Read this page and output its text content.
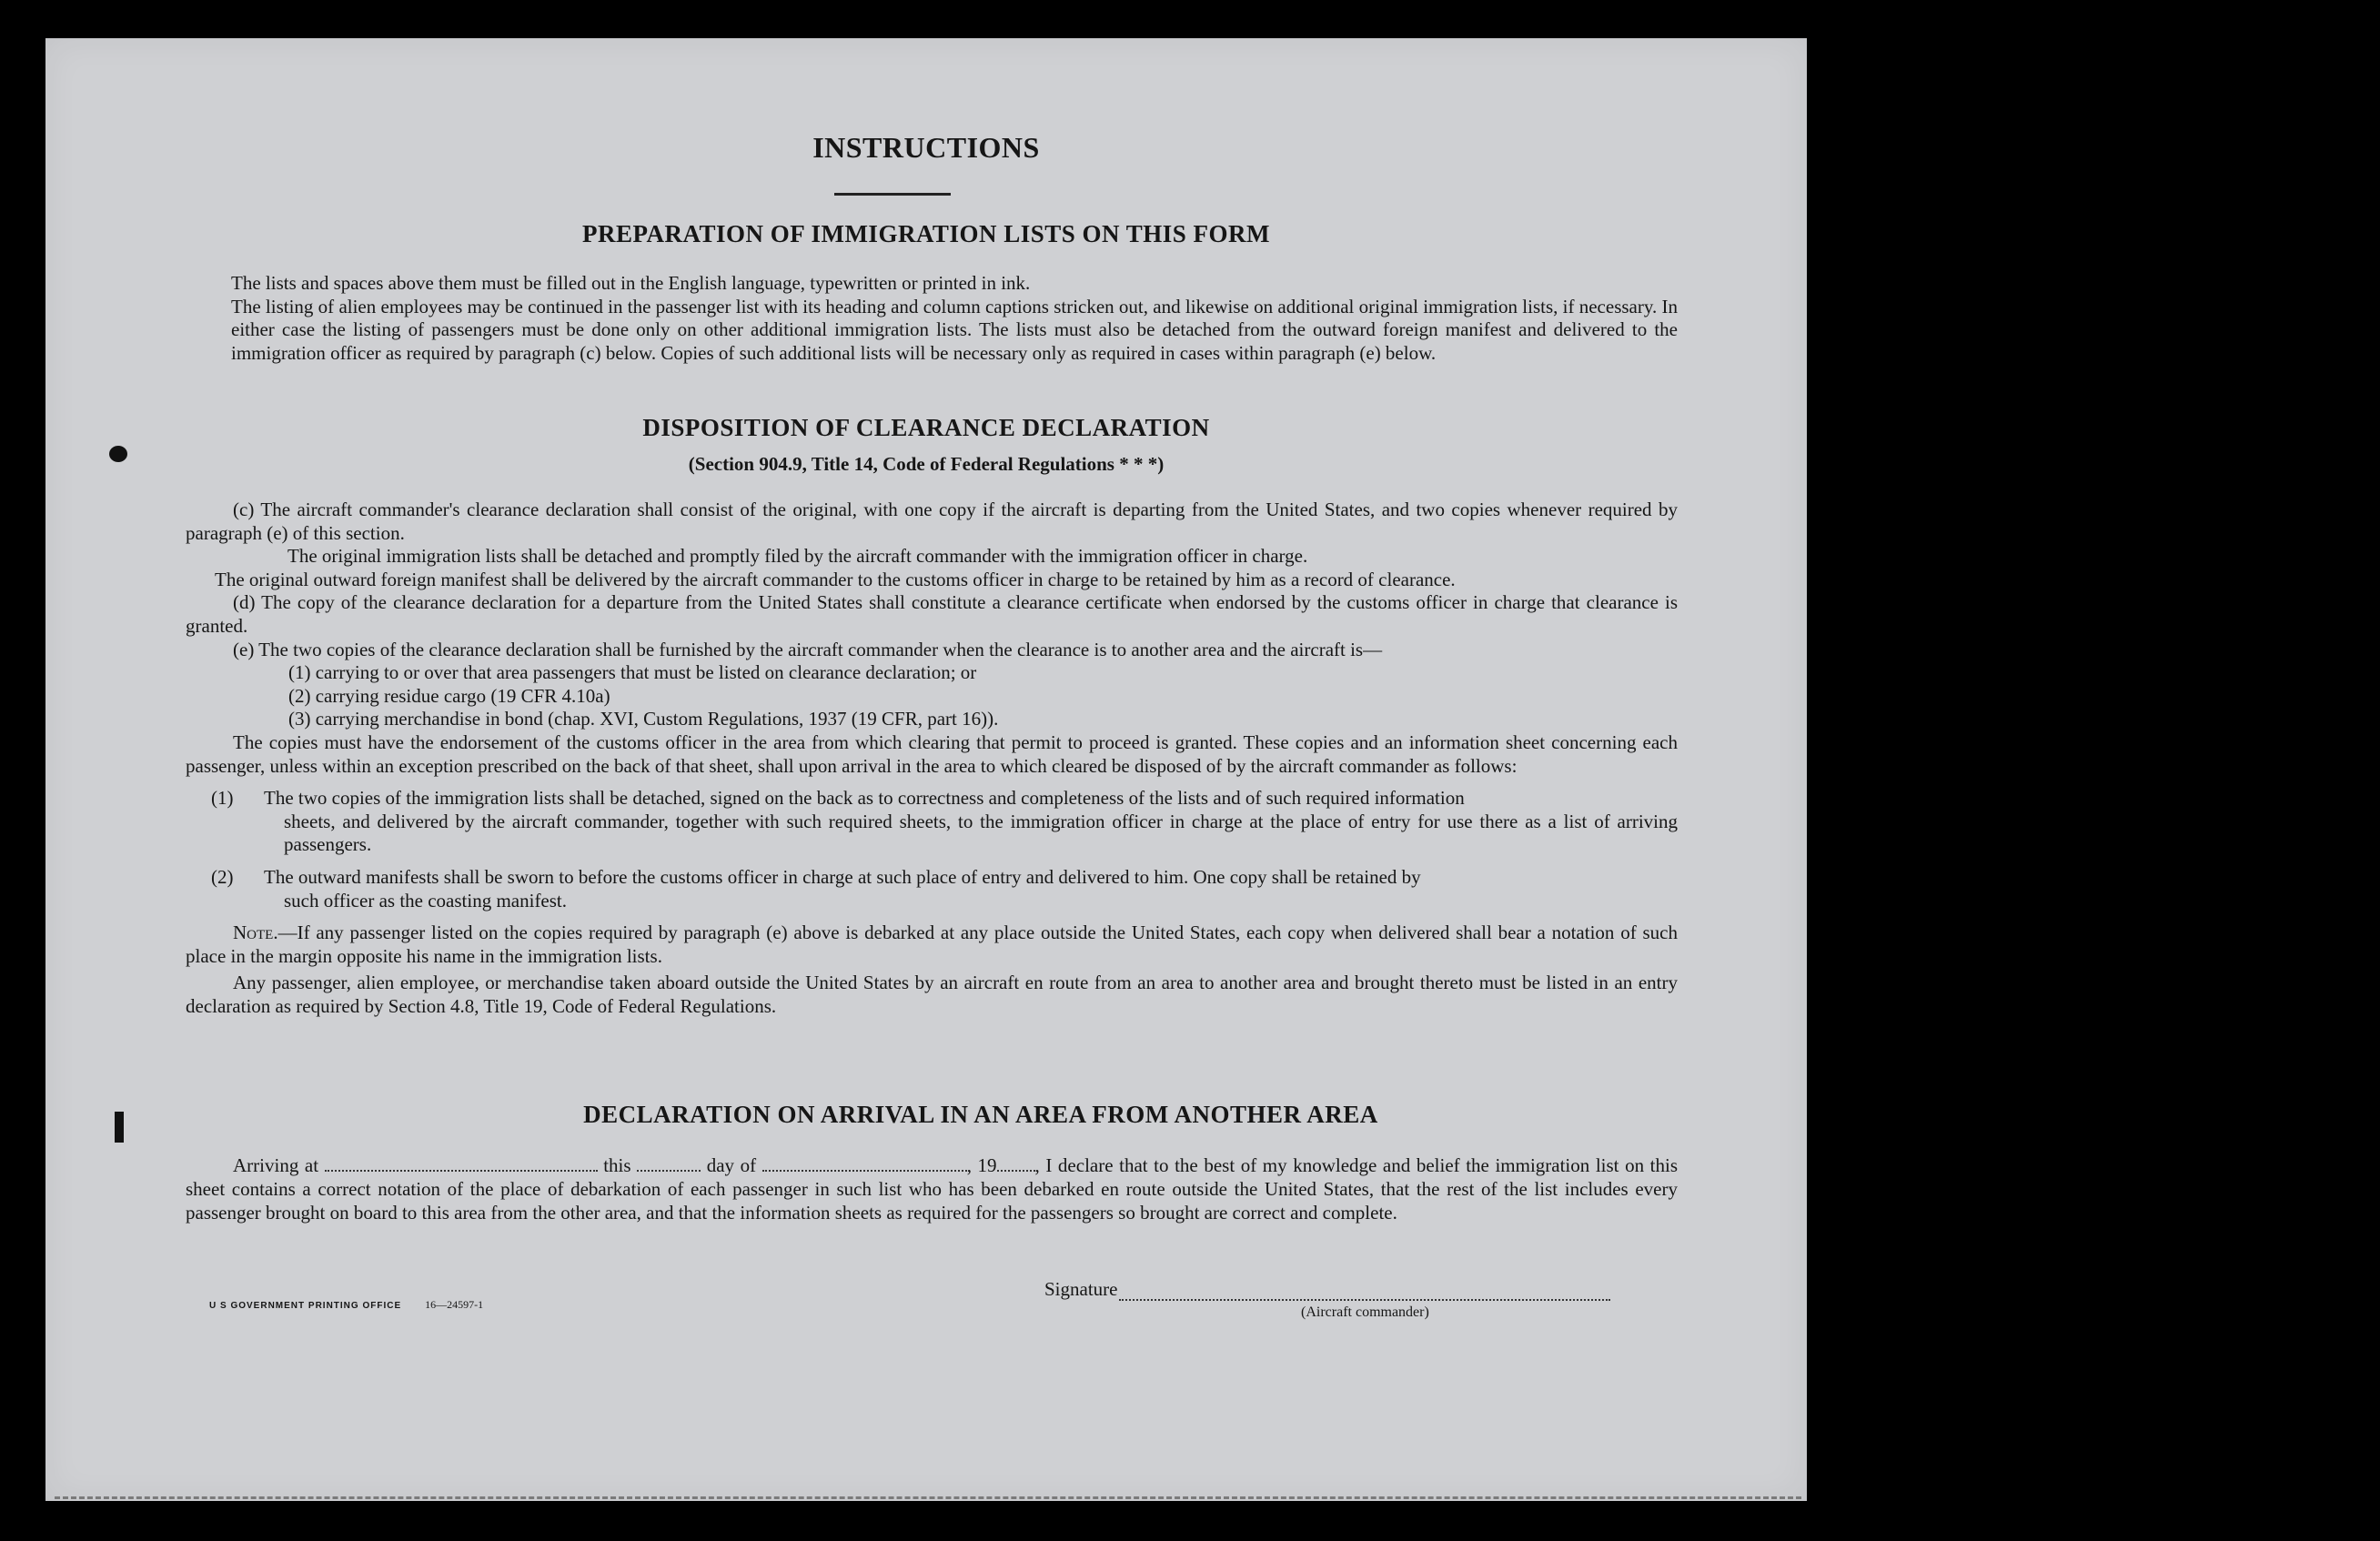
INSTRUCTIONS
PREPARATION OF IMMIGRATION LISTS ON THIS FORM

The lists and spaces above them must be filled out in the English language, typewritten or printed in ink.

The listing of alien employees may be continued in the passenger list with its heading and column captions stricken out, and likewise on additional original immigration lists, if necessary. In either case the listing of passengers must be done only on other additional immigration lists. The lists must also be detached from the outward foreign manifest and delivered to the immigration officer as required by paragraph (c) below. Copies of such additional lists will be necessary only as required in cases within paragraph (e) below.

DISPOSITION OF CLEARANCE DECLARATION
(Section 904.9, Title 14, Code of Federal Regulations * * *)

(c) The aircraft commander's clearance declaration shall consist of the original, with one copy if the aircraft is departing from the United States, and two copies whenever required by paragraph (e) of this section.

The original immigration lists shall be detached and promptly filed by the aircraft commander with the immigration officer in charge.

The original outward foreign manifest shall be delivered by the aircraft commander to the customs officer in charge to be retained by him as a record of clearance.

(d) The copy of the clearance declaration for a departure from the United States shall constitute a clearance certificate when endorsed by the customs officer in charge that clearance is granted.

(e) The two copies of the clearance declaration shall be furnished by the aircraft commander when the clearance is to another area and the aircraft is—

(1) carrying to or over that area passengers that must be listed on clearance declaration; or

(2) carrying residue cargo (19 CFR 4.10a)

(3) carrying merchandise in bond (chap. XVI, Custom Regulations, 1937 (19 CFR, part 16)).

The copies must have the endorsement of the customs officer in the area from which clearing that permit to proceed is granted. These copies and an information sheet concerning each passenger, unless within an exception prescribed on the back of that sheet, shall upon arrival in the area to which cleared be disposed of by the aircraft commander as follows:

(1)	The two copies of the immigration lists shall be detached, signed on the back as to correctness and completeness of the lists and of such required information
sheets, and delivered by the aircraft commander, together with such required sheets, to the immigration officer in charge at the place of entry for use there as a list of arriving passengers.
(2)	The outward manifests shall be sworn to before the customs officer in charge at such place of entry and delivered to him. One copy shall be retained by
such officer as the coasting manifest.

Note.—If any passenger listed on the copies required by paragraph (e) above is debarked at any place outside the United States, each copy when delivered shall bear a notation of such place in the margin opposite his name in the immigration lists.

Any passenger, alien employee, or merchandise taken aboard outside the United States by an aircraft en route from an area to another area and brought thereto must be listed in an entry declaration as required by Section 4.8, Title 19, Code of Federal Regulations.

DECLARATION ON ARRIVAL IN AN AREA FROM ANOTHER AREA

Arriving at	this	day of	, 19 , I declare that to the best of my knowledge and belief the immigration list on this sheet contains a correct notation of the place of debarkation of each passenger in such list who has been debarked en route outside the United States, that the rest of the list includes every passenger brought on board to this area from the other area, and that the information sheets as required for the passengers so brought are correct and complete.

U S GOVERNMENT PRINTING OFFICE 16—24597-1
Signature
(Aircraft commander)
